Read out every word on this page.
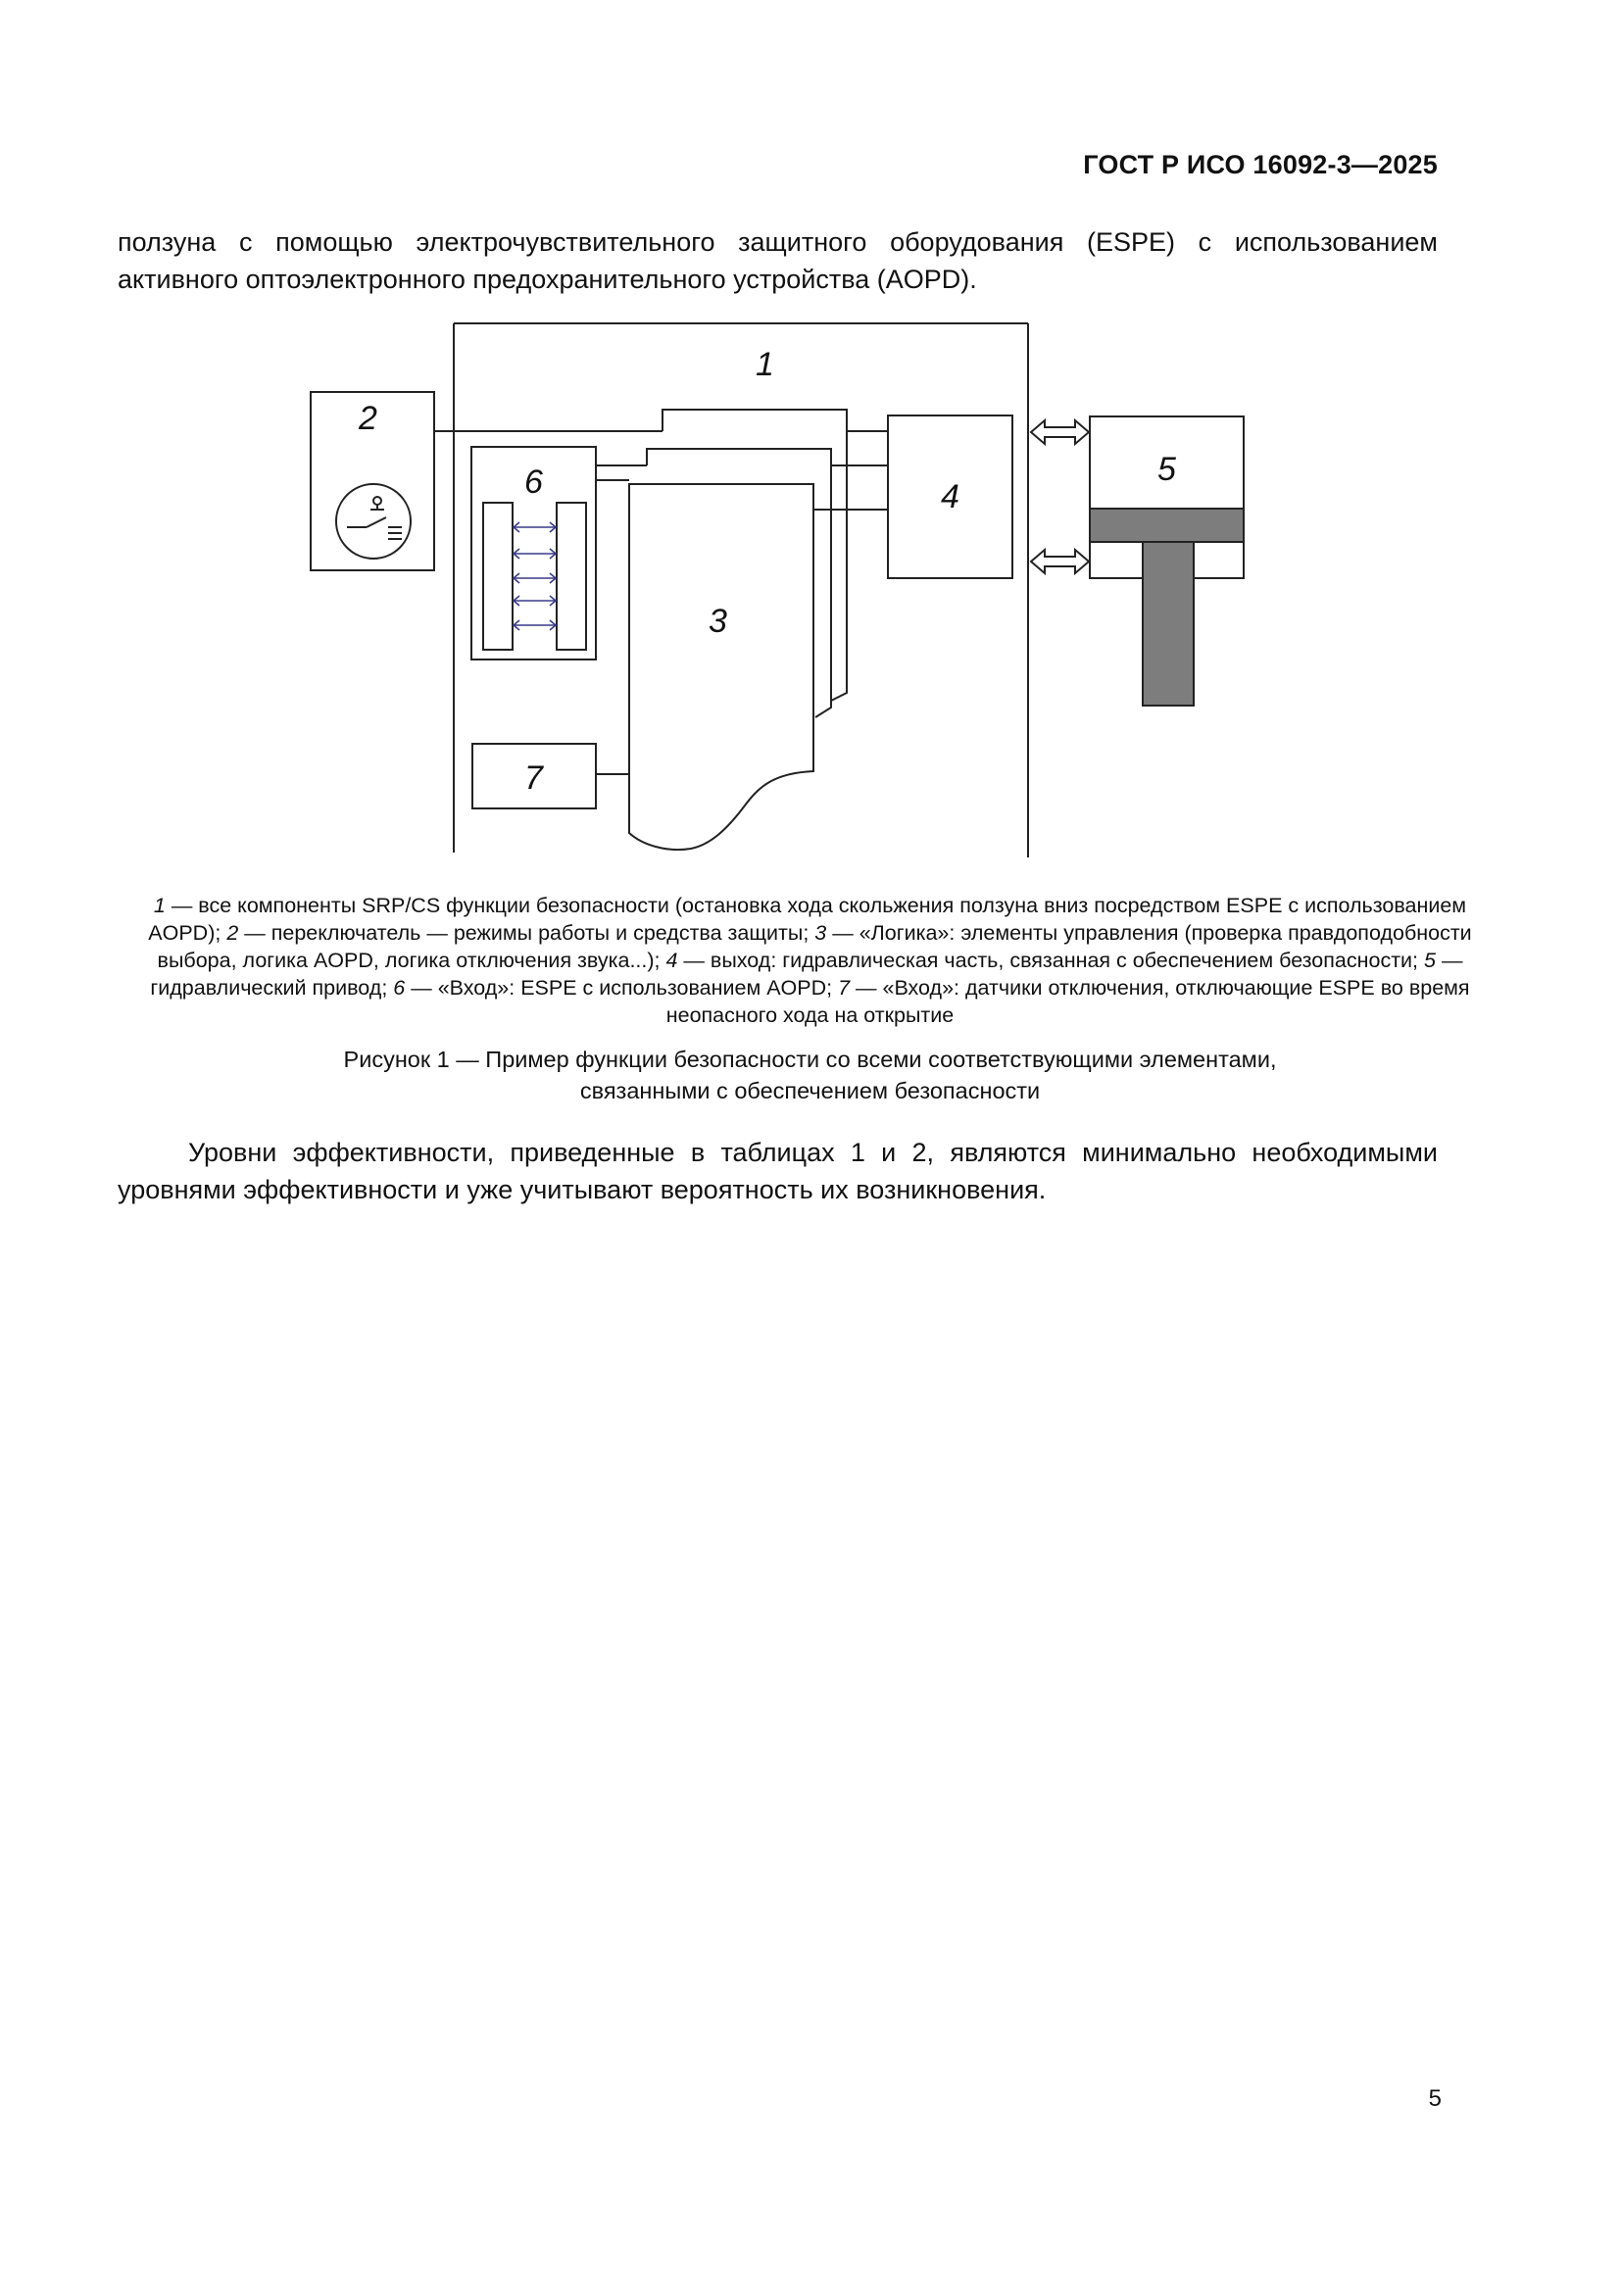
ГОСТ Р ИСО 16092-3—2025
ползуна с помощью электрочувствительного защитного оборудования (ESPE) с использованием активного оптоэлектронного предохранительного устройства (AOPD).
1
2
3
4
5
6
7
1 — все компоненты SRP/CS функции безопасности (остановка хода скольжения ползуна вниз посредством ESPE с использованием AOPD); 2 — переключатель — режимы работы и средства защиты; 3 — «Логика»: элементы управления (проверка правдоподобности выбора, логика AOPD, логика отключения звука...); 4 — выход: гидравлическая часть, связанная с обеспечением безопасности; 5 — гидравлический привод; 6 — «Вход»: ESPE с использованием AOPD; 7 — «Вход»: датчики отключения, отключающие ESPE во время неопасного хода на открытие
Рисунок 1 — Пример функции безопасности со всеми соответствующими элементами,
связанными с обеспечением безопасности
Уровни эффективности, приведенные в таблицах 1 и 2, являются минимально необходимыми уровнями эффективности и уже учитывают вероятность их возникновения.
5
